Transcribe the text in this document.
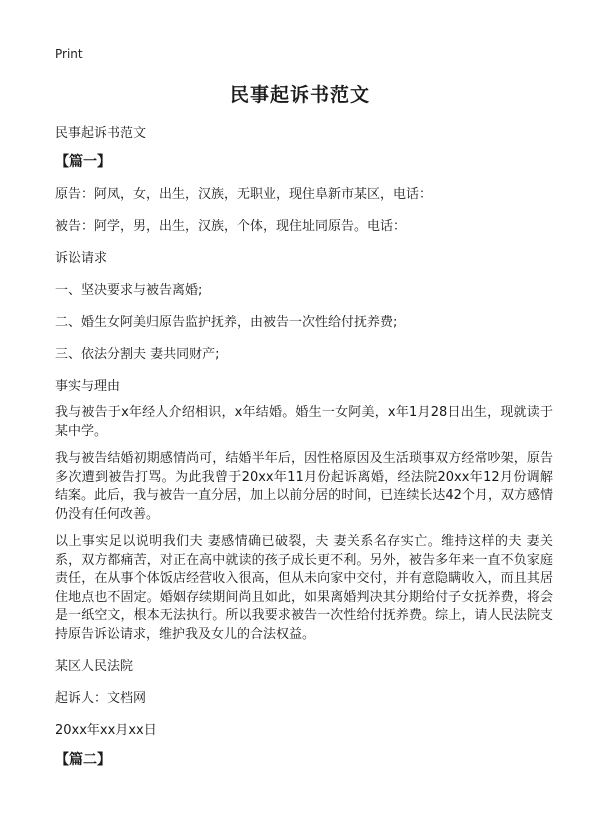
Print
民事起诉书范文
民事起诉书范文
【篇一】
原告：阿凤，女，出生，汉族，无职业，现住阜新市某区，电话：
被告：阿学，男，出生，汉族，个体，现住址同原告。电话：
诉讼请求
一、坚决要求与被告离婚;
二、婚生女阿美归原告监护抚养，由被告一次性给付抚养费;
三、依法分割夫 妻共同财产;
事实与理由
我与被告于x年经人介绍相识，x年结婚。婚生一女阿美，x年1月28日出生，现就读于某中学。
我与被告结婚初期感情尚可，结婚半年后，因性格原因及生活琐事双方经常吵架，原告多次遭到被告打骂。为此我曾于20xx年11月份起诉离婚，经法院20xx年12月份调解结案。此后，我与被告一直分居，加上以前分居的时间，已连续长达42个月，双方感情仍没有任何改善。
以上事实足以说明我们夫 妻感情确已破裂，夫 妻关系名存实亡。维持这样的夫 妻关系，双方都痛苦，对正在高中就读的孩子成长更不利。另外，被告多年来一直不负家庭责任，在从事个体饭店经营收入很高，但从未向家中交付，并有意隐瞒收入，而且其居住地点也不固定。婚姻存续期间尚且如此，如果离婚判决其分期给付子女抚养费，将会是一纸空文，根本无法执行。所以我要求被告一次性给付抚养费。综上，请人民法院支持原告诉讼请求，维护我及女儿的合法权益。
某区人民法院
起诉人：文档网
20xx年xx月xx日
【篇二】
